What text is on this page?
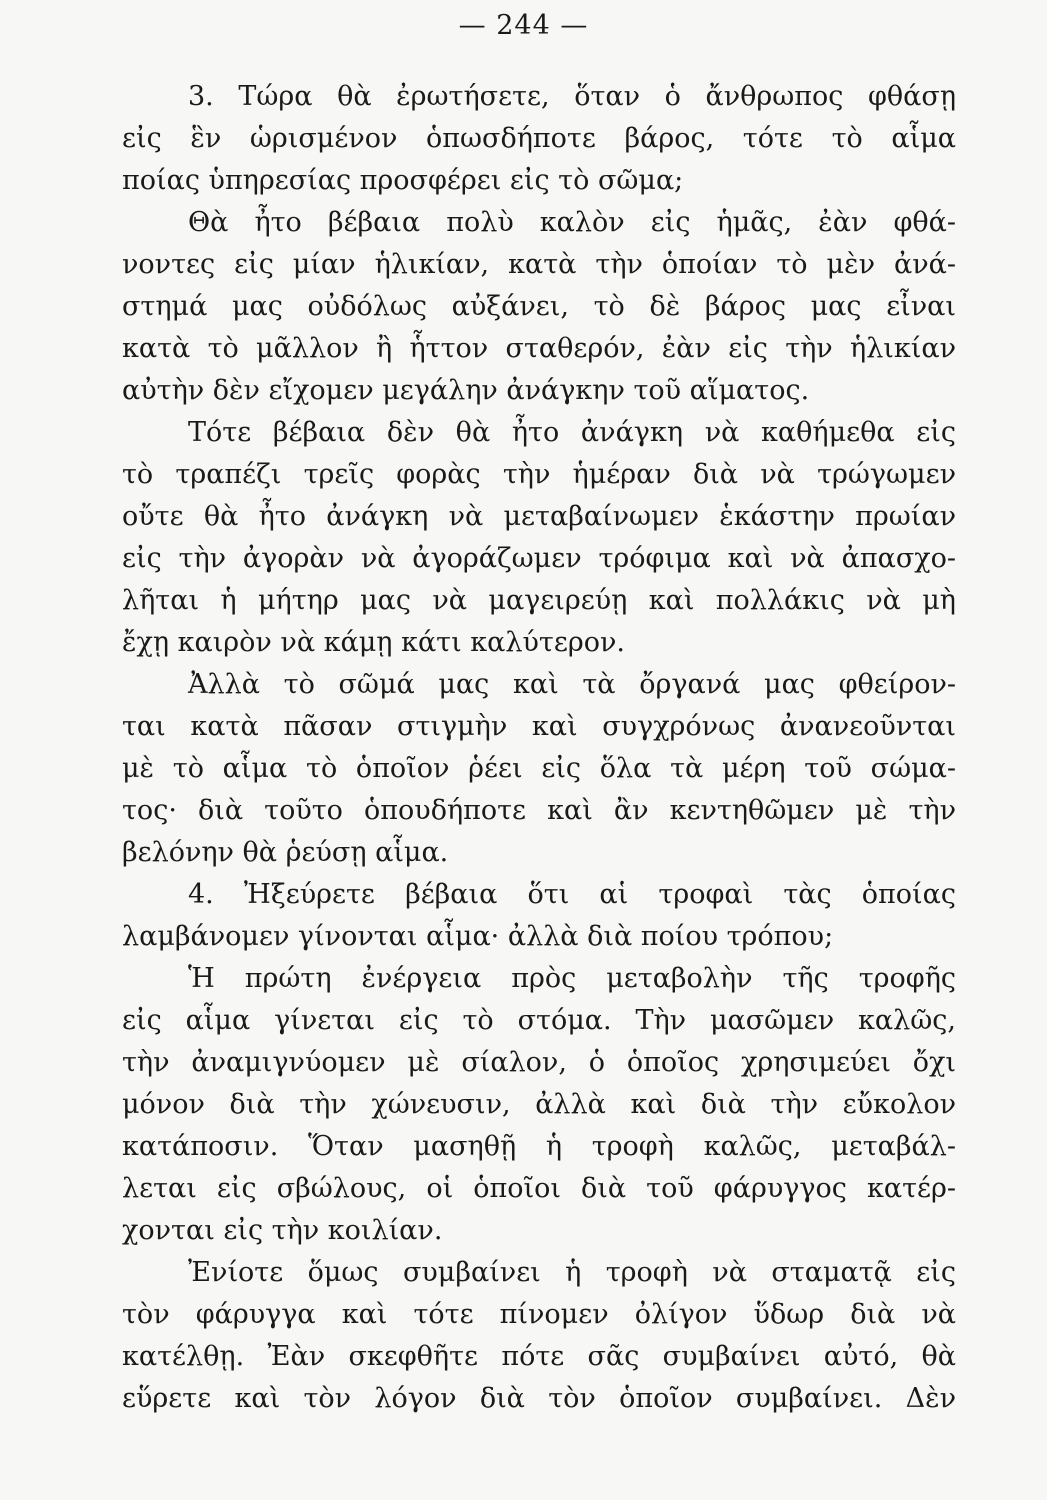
— 244 —
3. Τώρα θὰ ἐρωτήσετε, ὅταν ὁ ἄνθρωπος φθάσῃ
εἰς ἓν ὡρισμένον ὁπωσδήποτε βάρος, τότε τὸ αἷμα
ποίας ὑπηρεσίας προσφέρει εἰς τὸ σῶμα;
Θὰ ἦτο βέβαια πολὺ καλὸν εἰς ἡμᾶς, ἐὰν φθά-
νοντες εἰς μίαν ἡλικίαν, κατὰ τὴν ὁποίαν τὸ μὲν ἀνά-
στημά μας οὐδόλως αὐξάνει, τὸ δὲ βάρος μας εἶναι
κατὰ τὸ μᾶλλον ἢ ἧττον σταθερόν, ἐὰν εἰς τὴν ἡλικίαν
αὐτὴν δὲν εἴχομεν μεγάλην ἀνάγκην τοῦ αἵματος.
Τότε βέβαια δὲν θὰ ἦτο ἀνάγκη νὰ καθήμεθα εἰς
τὸ τραπέζι τρεῖς φορὰς τὴν ἡμέραν διὰ νὰ τρώγωμεν
οὔτε θὰ ἦτο ἀνάγκη νὰ μεταβαίνωμεν ἑκάστην πρωίαν
εἰς τὴν ἀγορὰν νὰ ἀγοράζωμεν τρόφιμα καὶ νὰ ἀπασχο-
λῆται ἡ μήτηρ μας νὰ μαγειρεύῃ καὶ πολλάκις νὰ μὴ
ἔχῃ καιρὸν νὰ κάμῃ κάτι καλύτερον.
Ἀλλὰ τὸ σῶμά μας καὶ τὰ ὄργανά μας φθείρον-
ται κατὰ πᾶσαν στιγμὴν καὶ συγχρόνως ἀνανεοῦνται
μὲ τὸ αἷμα τὸ ὁποῖον ῥέει εἰς ὅλα τὰ μέρη τοῦ σώμα-
τος· διὰ τοῦτο ὁπουδήποτε καὶ ἂν κεντηθῶμεν μὲ τὴν
βελόνην θὰ ῥεύσῃ αἷμα.
4. Ἠξεύρετε βέβαια ὅτι αἱ τροφαὶ τὰς ὁποίας
λαμβάνομεν γίνονται αἷμα· ἀλλὰ διὰ ποίου τρόπου;
Ἡ πρώτη ἐνέργεια πρὸς μεταβολὴν τῆς τροφῆς
εἰς αἷμα γίνεται εἰς τὸ στόμα. Τὴν μασῶμεν καλῶς,
τὴν ἀναμιγνύομεν μὲ σίαλον, ὁ ὁποῖος χρησιμεύει ὄχι
μόνον διὰ τὴν χώνευσιν, ἀλλὰ καὶ διὰ τὴν εὔκολον
κατάποσιν. Ὅταν μασηθῇ ἡ τροφὴ καλῶς, μεταβάλ-
λεται εἰς σβώλους, οἱ ὁποῖοι διὰ τοῦ φάρυγγος κατέρ-
χονται εἰς τὴν κοιλίαν.
Ἐνίοτε ὅμως συμβαίνει ἡ τροφὴ νὰ σταματᾷ εἰς
τὸν φάρυγγα καὶ τότε πίνομεν ὀλίγον ὕδωρ διὰ νὰ
κατέλθῃ. Ἐὰν σκεφθῆτε πότε σᾶς συμβαίνει αὐτό, θὰ
εὕρετε καὶ τὸν λόγον διὰ τὸν ὁποῖον συμβαίνει. Δὲν
